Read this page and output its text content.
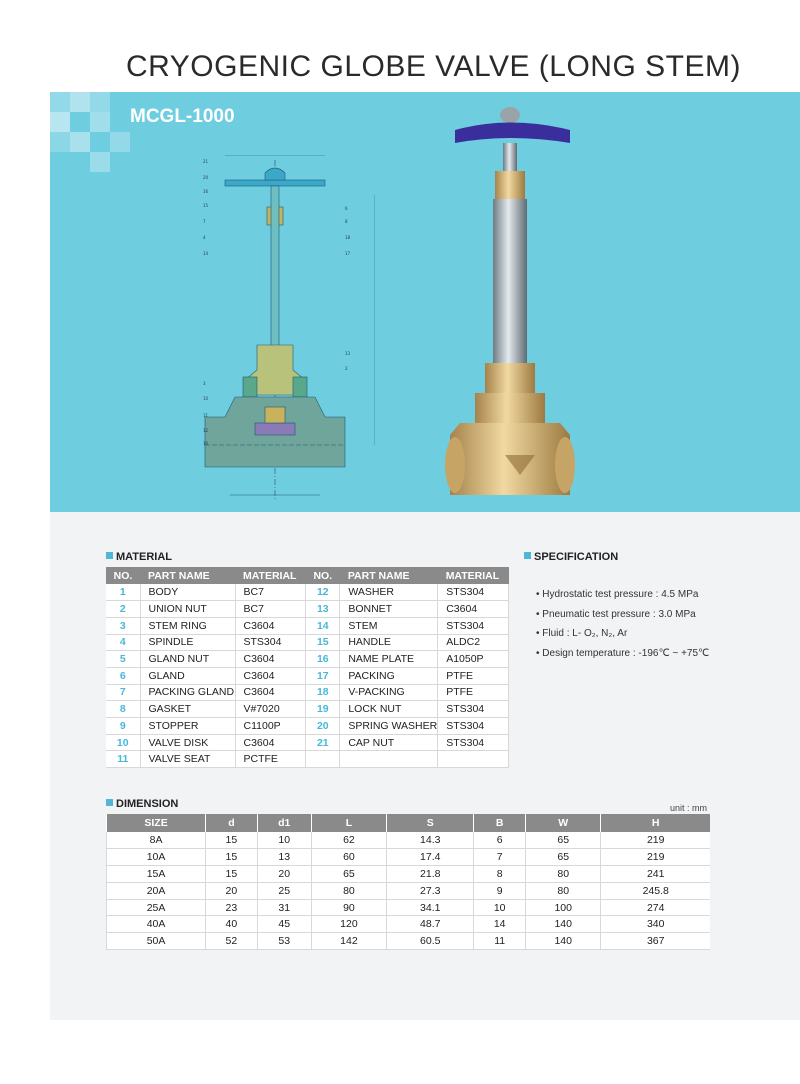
CRYOGENIC GLOBE VALVE (LONG STEM)
MCGL-1000
21
20
16
15
7
4
14
3
10
11
12
10
6
8
18
17
13
2
MATERIAL
NO.	PART NAME	MATERIAL	NO.	PART NAME	MATERIAL
1	BODY	BC7	12	WASHER	STS304
2	UNION NUT	BC7	13	BONNET	C3604
3	STEM RING	C3604	14	STEM	STS304
4	SPINDLE	STS304	15	HANDLE	ALDC2
5	GLAND NUT	C3604	16	NAME PLATE	A1050P
6	GLAND	C3604	17	PACKING	PTFE
7	PACKING GLAND	C3604	18	V-PACKING	PTFE
8	GASKET	V#7020	19	LOCK NUT	STS304
9	STOPPER	C1100P	20	SPRING WASHER	STS304
10	VALVE DISK	C3604	21	CAP NUT	STS304
11	VALVE SEAT	PCTFE			
SPECIFICATION
• Hydrostatic test pressure : 4.5 MPa
• Pneumatic test pressure : 3.0 MPa
• Fluid : L- O₂, N₂, Ar
• Design temperature : -196℃ ~ +75℃
DIMENSION	unit : mm
SIZE	d	d1	L	S	B	W	H
8A	15	10	62	14.3	6	65	219
10A	15	13	60	17.4	7	65	219
15A	15	20	65	21.8	8	80	241
20A	20	25	80	27.3	9	80	245.8
25A	23	31	90	34.1	10	100	274
40A	40	45	120	48.7	14	140	340
50A	52	53	142	60.5	11	140	367
